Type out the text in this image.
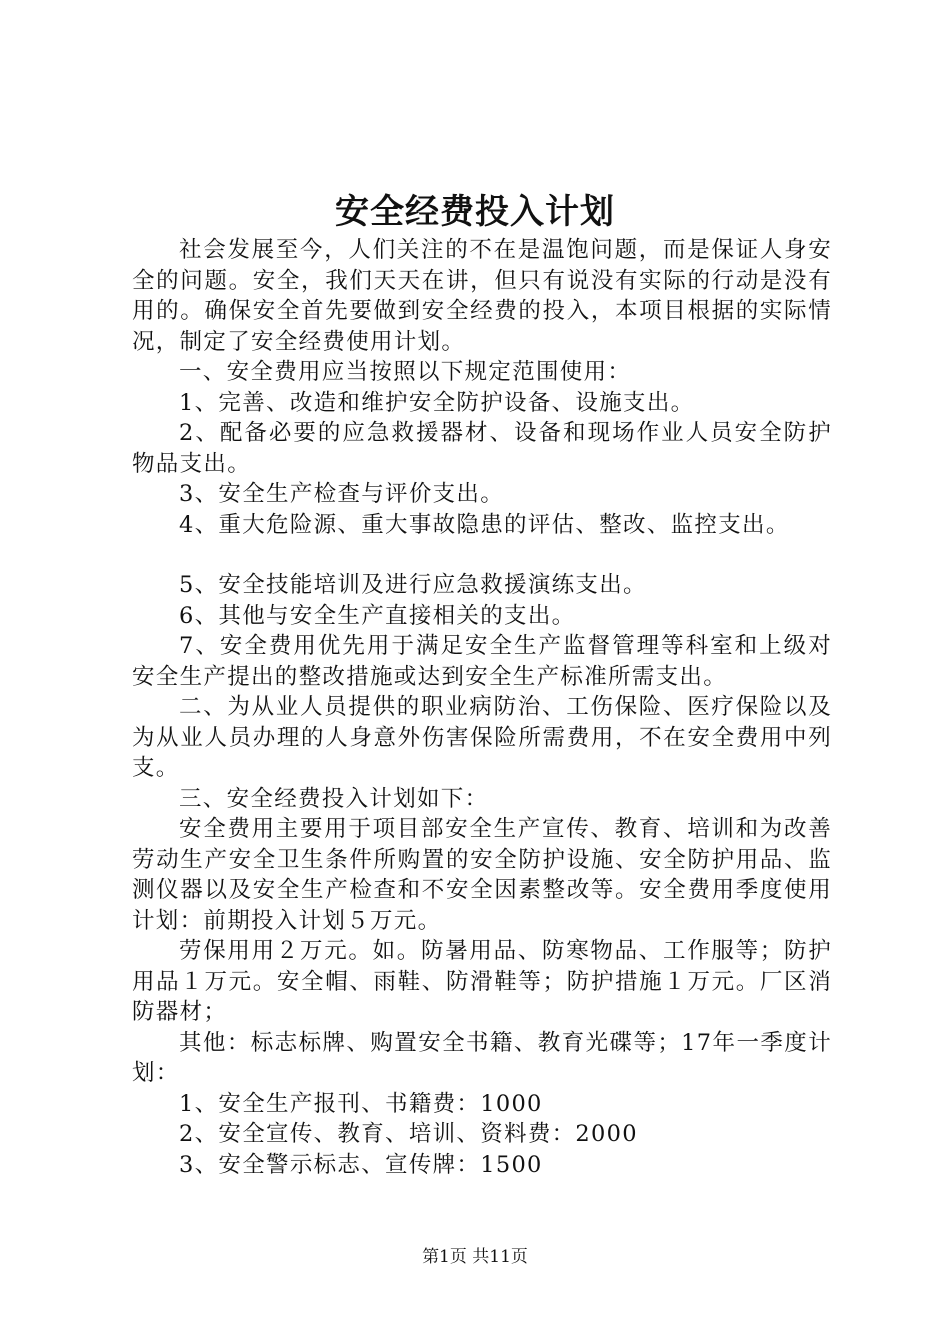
安全经费投入计划

社会发展至今，人们关注的不在是温饱问题，而是保证人身安全的问题。安全，我们天天在讲，但只有说没有实际的行动是没有用的。确保安全首先要做到安全经费的投入，本项目根据的实际情况，制定了安全经费使用计划。

一、安全费用应当按照以下规定范围使用：

1、完善、改造和维护安全防护设备、设施支出。

2、配备必要的应急救援器材、设备和现场作业人员安全防护物品支出。

3、安全生产检查与评价支出。

4、重大危险源、重大事故隐患的评估、整改、监控支出。

5、安全技能培训及进行应急救援演练支出。

6、其他与安全生产直接相关的支出。

7、安全费用优先用于满足安全生产监督管理等科室和上级对安全生产提出的整改措施或达到安全生产标准所需支出。

二、为从业人员提供的职业病防治、工伤保险、医疗保险以及为从业人员办理的人身意外伤害保险所需费用，不在安全费用中列支。

三、安全经费投入计划如下：

安全费用主要用于项目部安全生产宣传、教育、培训和为改善劳动生产安全卫生条件所购置的安全防护设施、安全防护用品、监测仪器以及安全生产检查和不安全因素整改等。安全费用季度使用计划：前期投入计划５万元。

劳保用用２万元。如。防暑用品、防寒物品、工作服等；防护用品１万元。安全帽、雨鞋、防滑鞋等；防护措施１万元。厂区消防器材；

其他：标志标牌、购置安全书籍、教育光碟等；17年一季度计划：

1、安全生产报刊、书籍费：1000

2、安全宣传、教育、培训、资料费：2000

3、安全警示标志、宣传牌：1500

第1页 共11页
